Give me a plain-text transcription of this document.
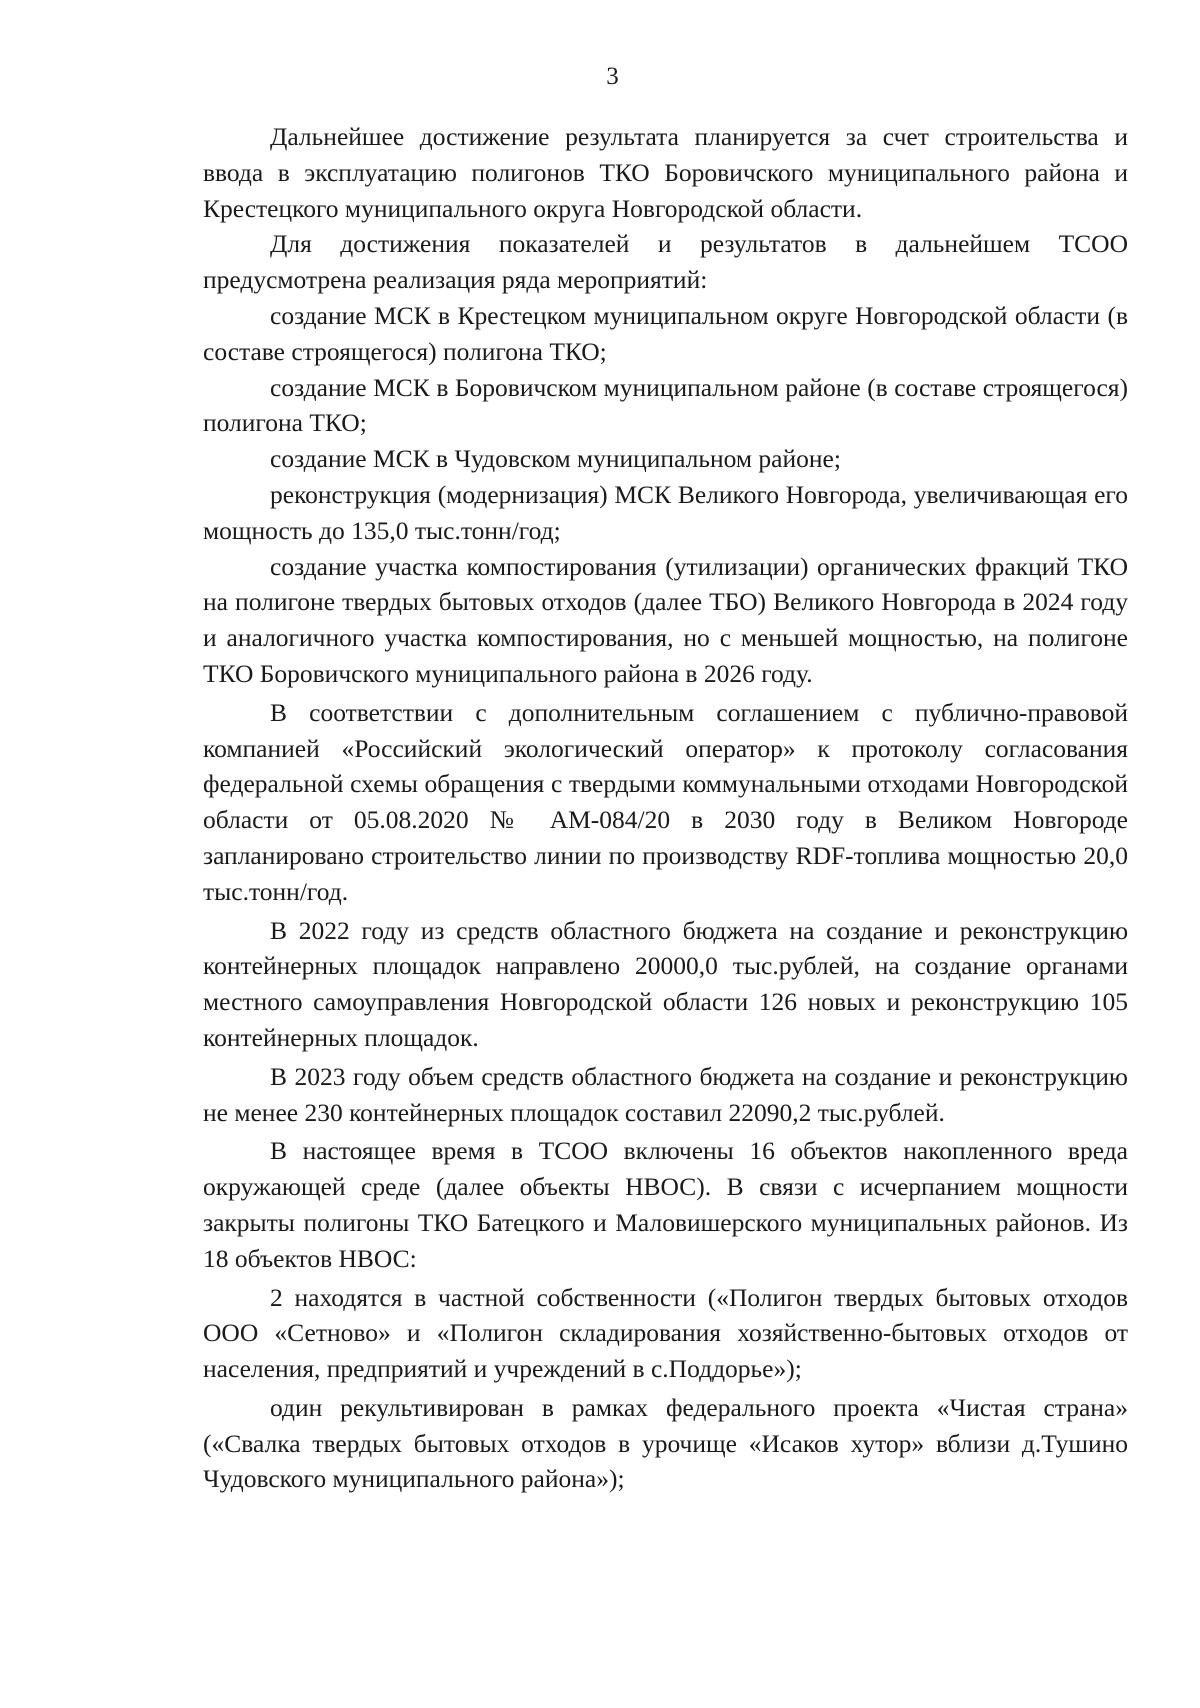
3

Дальнейшее достижение результата планируется за счет строительства и ввода в эксплуатацию полигонов ТКО Боровичского муниципального района и Крестецкого муниципального округа Новгородской области.

Для достижения показателей и результатов в дальнейшем ТСОО предусмотрена реализация ряда мероприятий:

создание МСК в Крестецком муниципальном округе Новгородской области (в составе строящегося) полигона ТКО;

создание МСК в Боровичском муниципальном районе (в составе строящегося) полигона ТКО;

создание МСК в Чудовском муниципальном районе;

реконструкция (модернизация) МСК Великого Новгорода, увеличивающая его мощность до 135,0 тыс.тонн/год;

создание участка компостирования (утилизации) органических фракций ТКО на полигоне твердых бытовых отходов (далее ТБО) Великого Новгорода в 2024 году и аналогичного участка компостирования, но с меньшей мощностью, на полигоне ТКО Боровичского муниципального района в 2026 году.

В соответствии с дополнительным соглашением с публично-правовой компанией «Российский экологический оператор» к протоколу согласования федеральной схемы обращения с твердыми коммунальными отходами Новгородской области от 05.08.2020 № АМ-084/20 в 2030 году в Великом Новгороде запланировано строительство линии по производству RDF-топлива мощностью 20,0 тыс.тонн/год.

В 2022 году из средств областного бюджета на создание и реконструкцию контейнерных площадок направлено 20000,0 тыс.рублей, на создание органами местного самоуправления Новгородской области 126 новых и реконструкцию 105 контейнерных площадок.

В 2023 году объем средств областного бюджета на создание и реконструкцию не менее 230 контейнерных площадок составил 22090,2 тыс.рублей.

В настоящее время в ТСОО включены 16 объектов накопленного вреда окружающей среде (далее объекты НВОС). В связи с исчерпанием мощности закрыты полигоны ТКО Батецкого и Маловишерского муниципальных районов. Из 18 объектов НВОС:

2 находятся в частной собственности («Полигон твердых бытовых отходов ООО «Сетново» и «Полигон складирования хозяйственно-бытовых отходов от населения, предприятий и учреждений в с.Поддорье»);

один рекультивирован в рамках федерального проекта «Чистая страна» («Свалка твердых бытовых отходов в урочище «Исаков хутор» вблизи д.Тушино Чудовского муниципального района»);
